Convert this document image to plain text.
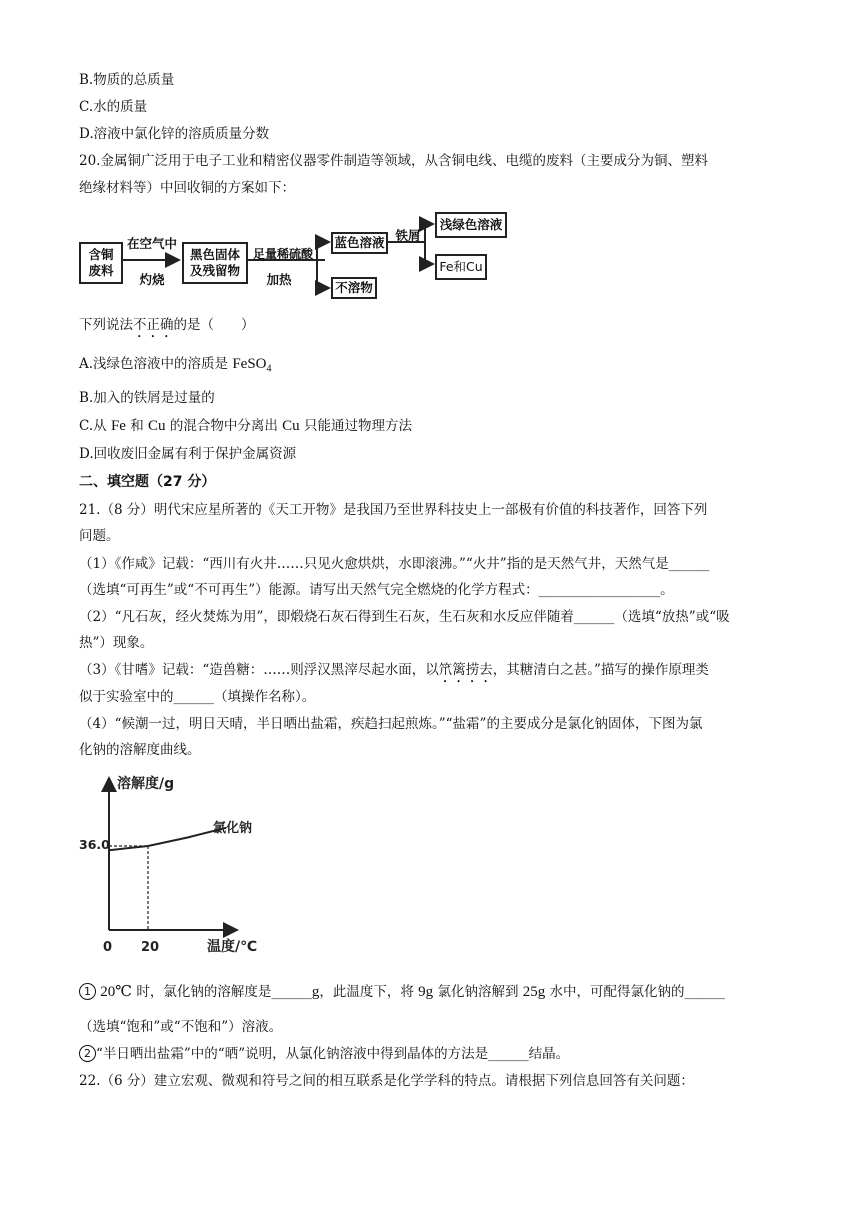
B.物质的总质量
C.水的质量
D.溶液中氯化锌的溶质质量分数
20.金属铜广泛用于电子工业和精密仪器零件制造等领域，从含铜电线、电缆的废料（主要成分为铜、塑料
绝缘材料等）中回收铜的方案如下：
含铜
废料
在空气中
灼烧
黑色固体
及残留物
足量稀硫酸
加热
蓝色溶液
不溶物
铁屑
浅绿色溶液
Fe和Cu
下列说法不正确的是（　　）
A.浅绿色溶液中的溶质是 FeSO$_4$
B.加入的铁屑是过量的
C.从 Fe 和 Cu 的混合物中分离出 Cu 只能通过物理方法
D.回收废旧金属有利于保护金属资源
二、填空题（27 分）
21.（8 分）明代宋应星所著的《天工开物》是我国乃至世界科技史上一部极有价值的科技著作，回答下列
问题。
（1）《作咸》记载：“西川有火井……只见火愈烘烘，水即滚沸。”“火井”指的是天然气井，天然气是______
（选填“可再生”或“不可再生”）能源。请写出天然气完全燃烧的化学方程式：__________________。
（2）“凡石灰，经火焚炼为用”，即煅烧石灰石得到生石灰，生石灰和水反应伴随着______（选填“放热”或“吸
热”）现象。
（3）《甘嗜》记载：“造兽糖：……则浮汉黑滓尽起水面，以笊篱捞去，其糖清白之甚。”描写的操作原理类
似于实验室中的______（填操作名称）。
（4）“候潮一过，明日天晴，半日晒出盐霜，疾趋扫起煎炼。”“盐霜”的主要成分是氯化钠固体，下图为氯
化钠的溶解度曲线。
溶解度/g
温度/℃
0 20
36.0
氯化钠
1 20℃ 时，氯化钠的溶解度是______g，此温度下，将 9g 氯化钠溶解到 25g 水中，可配得氯化钠的______
（选填“饱和”或“不饱和”）溶液。
2 “半日晒出盐霜”中的“晒”说明，从氯化钠溶液中得到晶体的方法是______结晶。
22.（6 分）建立宏观、微观和符号之间的相互联系是化学学科的特点。请根据下列信息回答有关问题：
